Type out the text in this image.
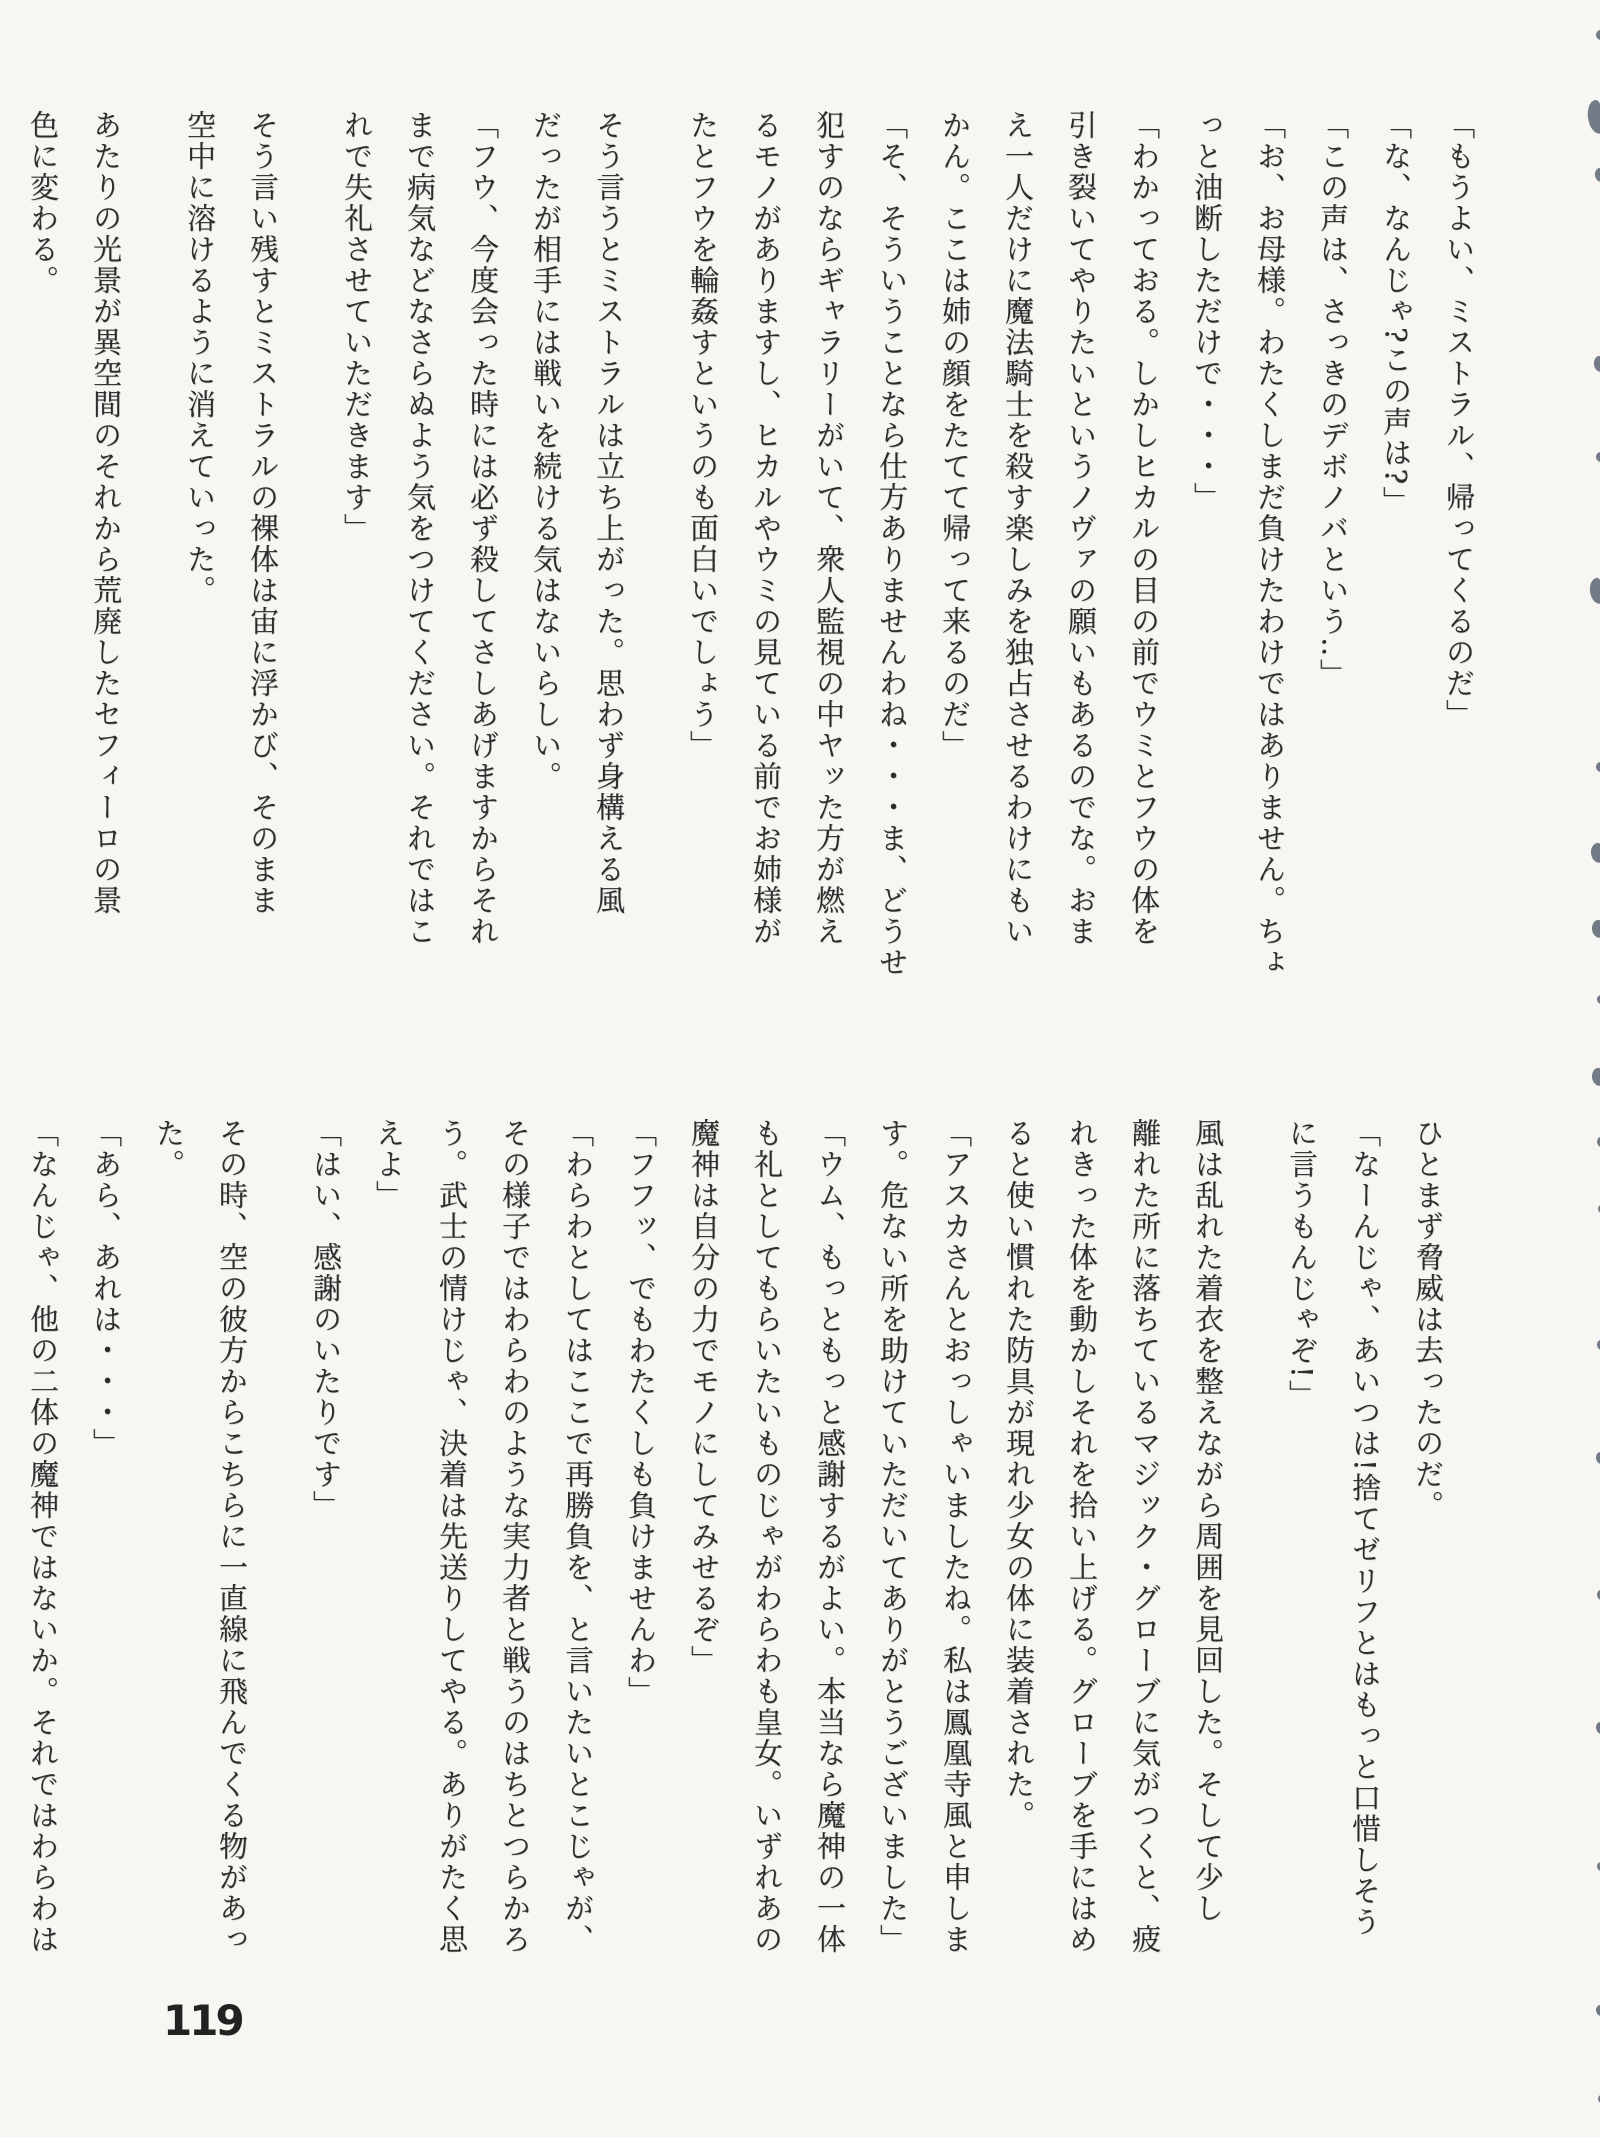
「もうよい、ミストラル、帰ってくるのだ」
「な、なんじゃ?この声は?」
「この声は、さっきのデボノバという‥」
「お、お母様。わたくしまだ負けたわけではありません。ちょ
っと油断しただけで・・・」
「わかっておる。しかしヒカルの目の前でウミとフウの体を
引き裂いてやりたいというノヴァの願いもあるのでな。おま
え一人だけに魔法騎士を殺す楽しみを独占させるわけにもい
かん。ここは姉の顔をたてて帰って来るのだ」
「そ、そういうことなら仕方ありませんわね・・・ま、どうせ
犯すのならギャラリーがいて、衆人監視の中ヤッた方が燃え
るモノがありますし、ヒカルやウミの見ている前でお姉様が
たとフウを輪姦すというのも面白いでしょう」
そう言うとミストラルは立ち上がった。思わず身構える風
だったが相手には戦いを続ける気はないらしい。
「フウ、今度会った時には必ず殺してさしあげますからそれ
まで病気などなさらぬよう気をつけてください。それではこ
れで失礼させていただきます」
そう言い残すとミストラルの裸体は宙に浮かび、そのまま
空中に溶けるように消えていった。
あたりの光景が異空間のそれから荒廃したセフィーロの景
色に変わる。
ひとまず脅威は去ったのだ。
「なーんじゃ、あいつは!捨てゼリフとはもっと口惜しそう
に言うもんじゃぞ!」
風は乱れた着衣を整えながら周囲を見回した。そして少し
離れた所に落ちているマジック・グローブに気がつくと、疲
れきった体を動かしそれを拾い上げる。グローブを手にはめ
ると使い慣れた防具が現れ少女の体に装着された。
「アスカさんとおっしゃいましたね。私は鳳凰寺風と申しま
す。危ない所を助けていただいてありがとうございました」
「ウム、もっともっと感謝するがよい。本当なら魔神の一体
も礼としてもらいたいものじゃがわらわも皇女。いずれあの
魔神は自分の力でモノにしてみせるぞ」
「フフッ、でもわたくしも負けませんわ」
「わらわとしてはここで再勝負を、と言いたいとこじゃが、
その様子ではわらわのような実力者と戦うのはちとつらかろ
う。武士の情けじゃ、決着は先送りしてやる。ありがたく思
えよ」
「はい、感謝のいたりです」
その時、空の彼方からこちらに一直線に飛んでくる物があっ
た。
「あら、あれは・・・」
「なんじゃ、他の二体の魔神ではないか。それではわらわは
119
